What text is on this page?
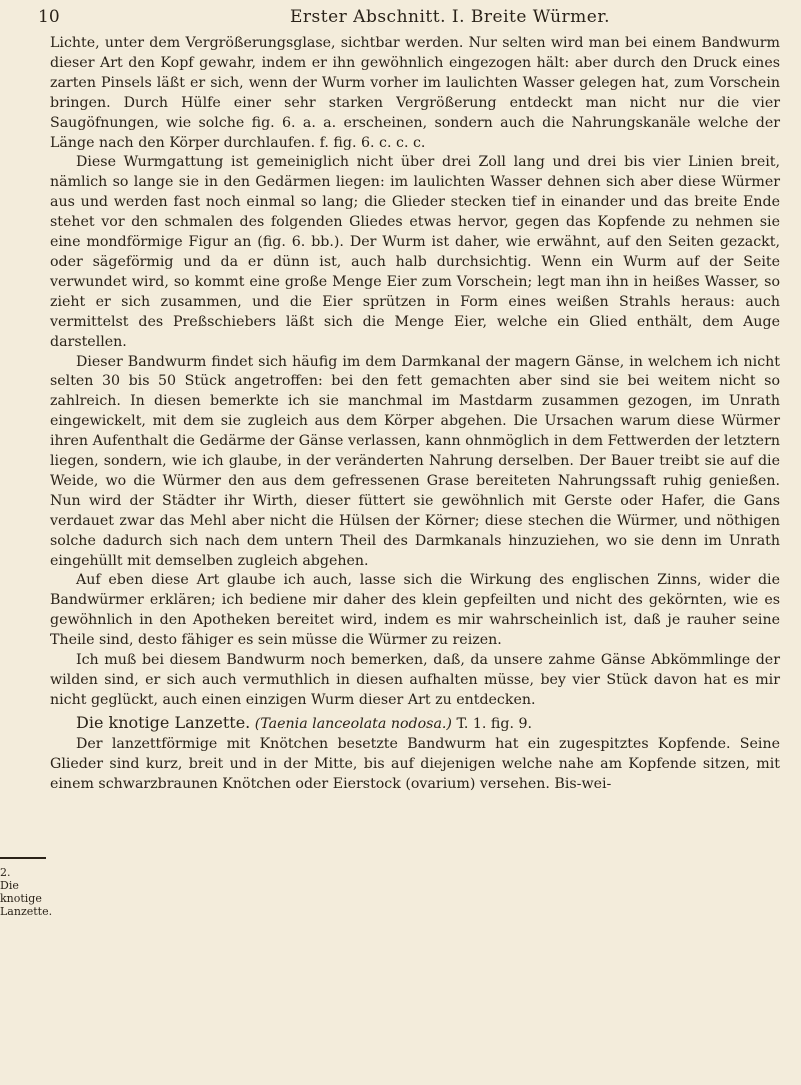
10	Erster Abschnitt. I. Breite Würmer.

Lichte, unter dem Vergrößerungsglase, sichtbar werden. Nur selten wird man bei einem Bandwurm dieser Art den Kopf gewahr, indem er ihn gewöhnlich eingezogen hält: aber durch den Druck eines zarten Pinsels läßt er sich, wenn der Wurm vorher im laulichten Wasser gelegen hat, zum Vorschein bringen. Durch Hülfe einer sehr starken Vergrößerung entdeckt man nicht nur die vier Saugöfnungen, wie solche fig. 6. a. a. erscheinen, sondern auch die Nahrungskanäle welche der Länge nach den Körper durchlaufen. f. fig. 6. c. c. c.

Diese Wurmgattung ist gemeiniglich nicht über drei Zoll lang und drei bis vier Linien breit, nämlich so lange sie in den Gedärmen liegen: im laulichten Wasser dehnen sich aber diese Würmer aus und werden fast noch einmal so lang; die Glieder stecken tief in einander und das breite Ende stehet vor den schmalen des folgenden Gliedes etwas hervor, gegen das Kopfende zu nehmen sie eine mondförmige Figur an (fig. 6. bb.). Der Wurm ist daher, wie erwähnt, auf den Seiten gezackt, oder sägeförmig und da er dünn ist, auch halb durchsichtig. Wenn ein Wurm auf der Seite verwundet wird, so kommt eine große Menge Eier zum Vorschein; legt man ihn in heißes Wasser, so zieht er sich zusammen, und die Eier sprützen in Form eines weißen Strahls heraus: auch vermittelst des Preßschiebers läßt sich die Menge Eier, welche ein Glied enthält, dem Auge darstellen.

Dieser Bandwurm findet sich häufig im dem Darmkanal der magern Gänse, in welchem ich nicht selten 30 bis 50 Stück angetroffen: bei den fett gemachten aber sind sie bei weitem nicht so zahlreich. In diesen bemerkte ich sie manchmal im Mastdarm zusammen gezogen, im Unrath eingewickelt, mit dem sie zugleich aus dem Körper abgehen. Die Ursachen warum diese Würmer ihren Aufenthalt die Gedärme der Gänse verlassen, kann ohnmöglich in dem Fettwerden der letztern liegen, sondern, wie ich glaube, in der veränderten Nahrung derselben. Der Bauer treibt sie auf die Weide, wo die Würmer den aus dem gefressenen Grase bereiteten Nahrungssaft ruhig genießen. Nun wird der Städter ihr Wirth, dieser füttert sie gewöhnlich mit Gerste oder Hafer, die Gans verdauet zwar das Mehl aber nicht die Hülsen der Körner; diese stechen die Würmer, und nöthigen solche dadurch sich nach dem untern Theil des Darmkanals hinzuziehen, wo sie denn im Unrath eingehüllt mit demselben zugleich abgehen.

Auf eben diese Art glaube ich auch, lasse sich die Wirkung des englischen Zinns, wider die Bandwürmer erklären; ich bediene mir daher des klein gepfeilten und nicht des gekörnten, wie es gewöhnlich in den Apotheken bereitet wird, indem es mir wahrscheinlich ist, daß je rauher seine Theile sind, desto fähiger es sein müsse die Würmer zu reizen.

Ich muß bei diesem Bandwurm noch bemerken, daß, da unsere zahme Gänse Abkömmlinge der wilden sind, er sich auch vermuthlich in diesen aufhalten müsse, bey vier Stück davon hat es mir nicht geglückt, auch einen einzigen Wurm dieser Art zu entdecken.

Die knotige Lanzette. (Taenia lanceolata nodosa.) T. 1. fig. 9.

Der lanzettförmige mit Knötchen besetzte Bandwurm hat ein zugespitztes Kopfende. Seine Glieder sind kurz, breit und in der Mitte, bis auf diejenigen welche nahe am Kopfende sitzen, mit einem schwarzbraunen Knötchen oder Eierstock (ovarium) versehen. Bis-wei-

2.
Die knotige
Lanzette.
